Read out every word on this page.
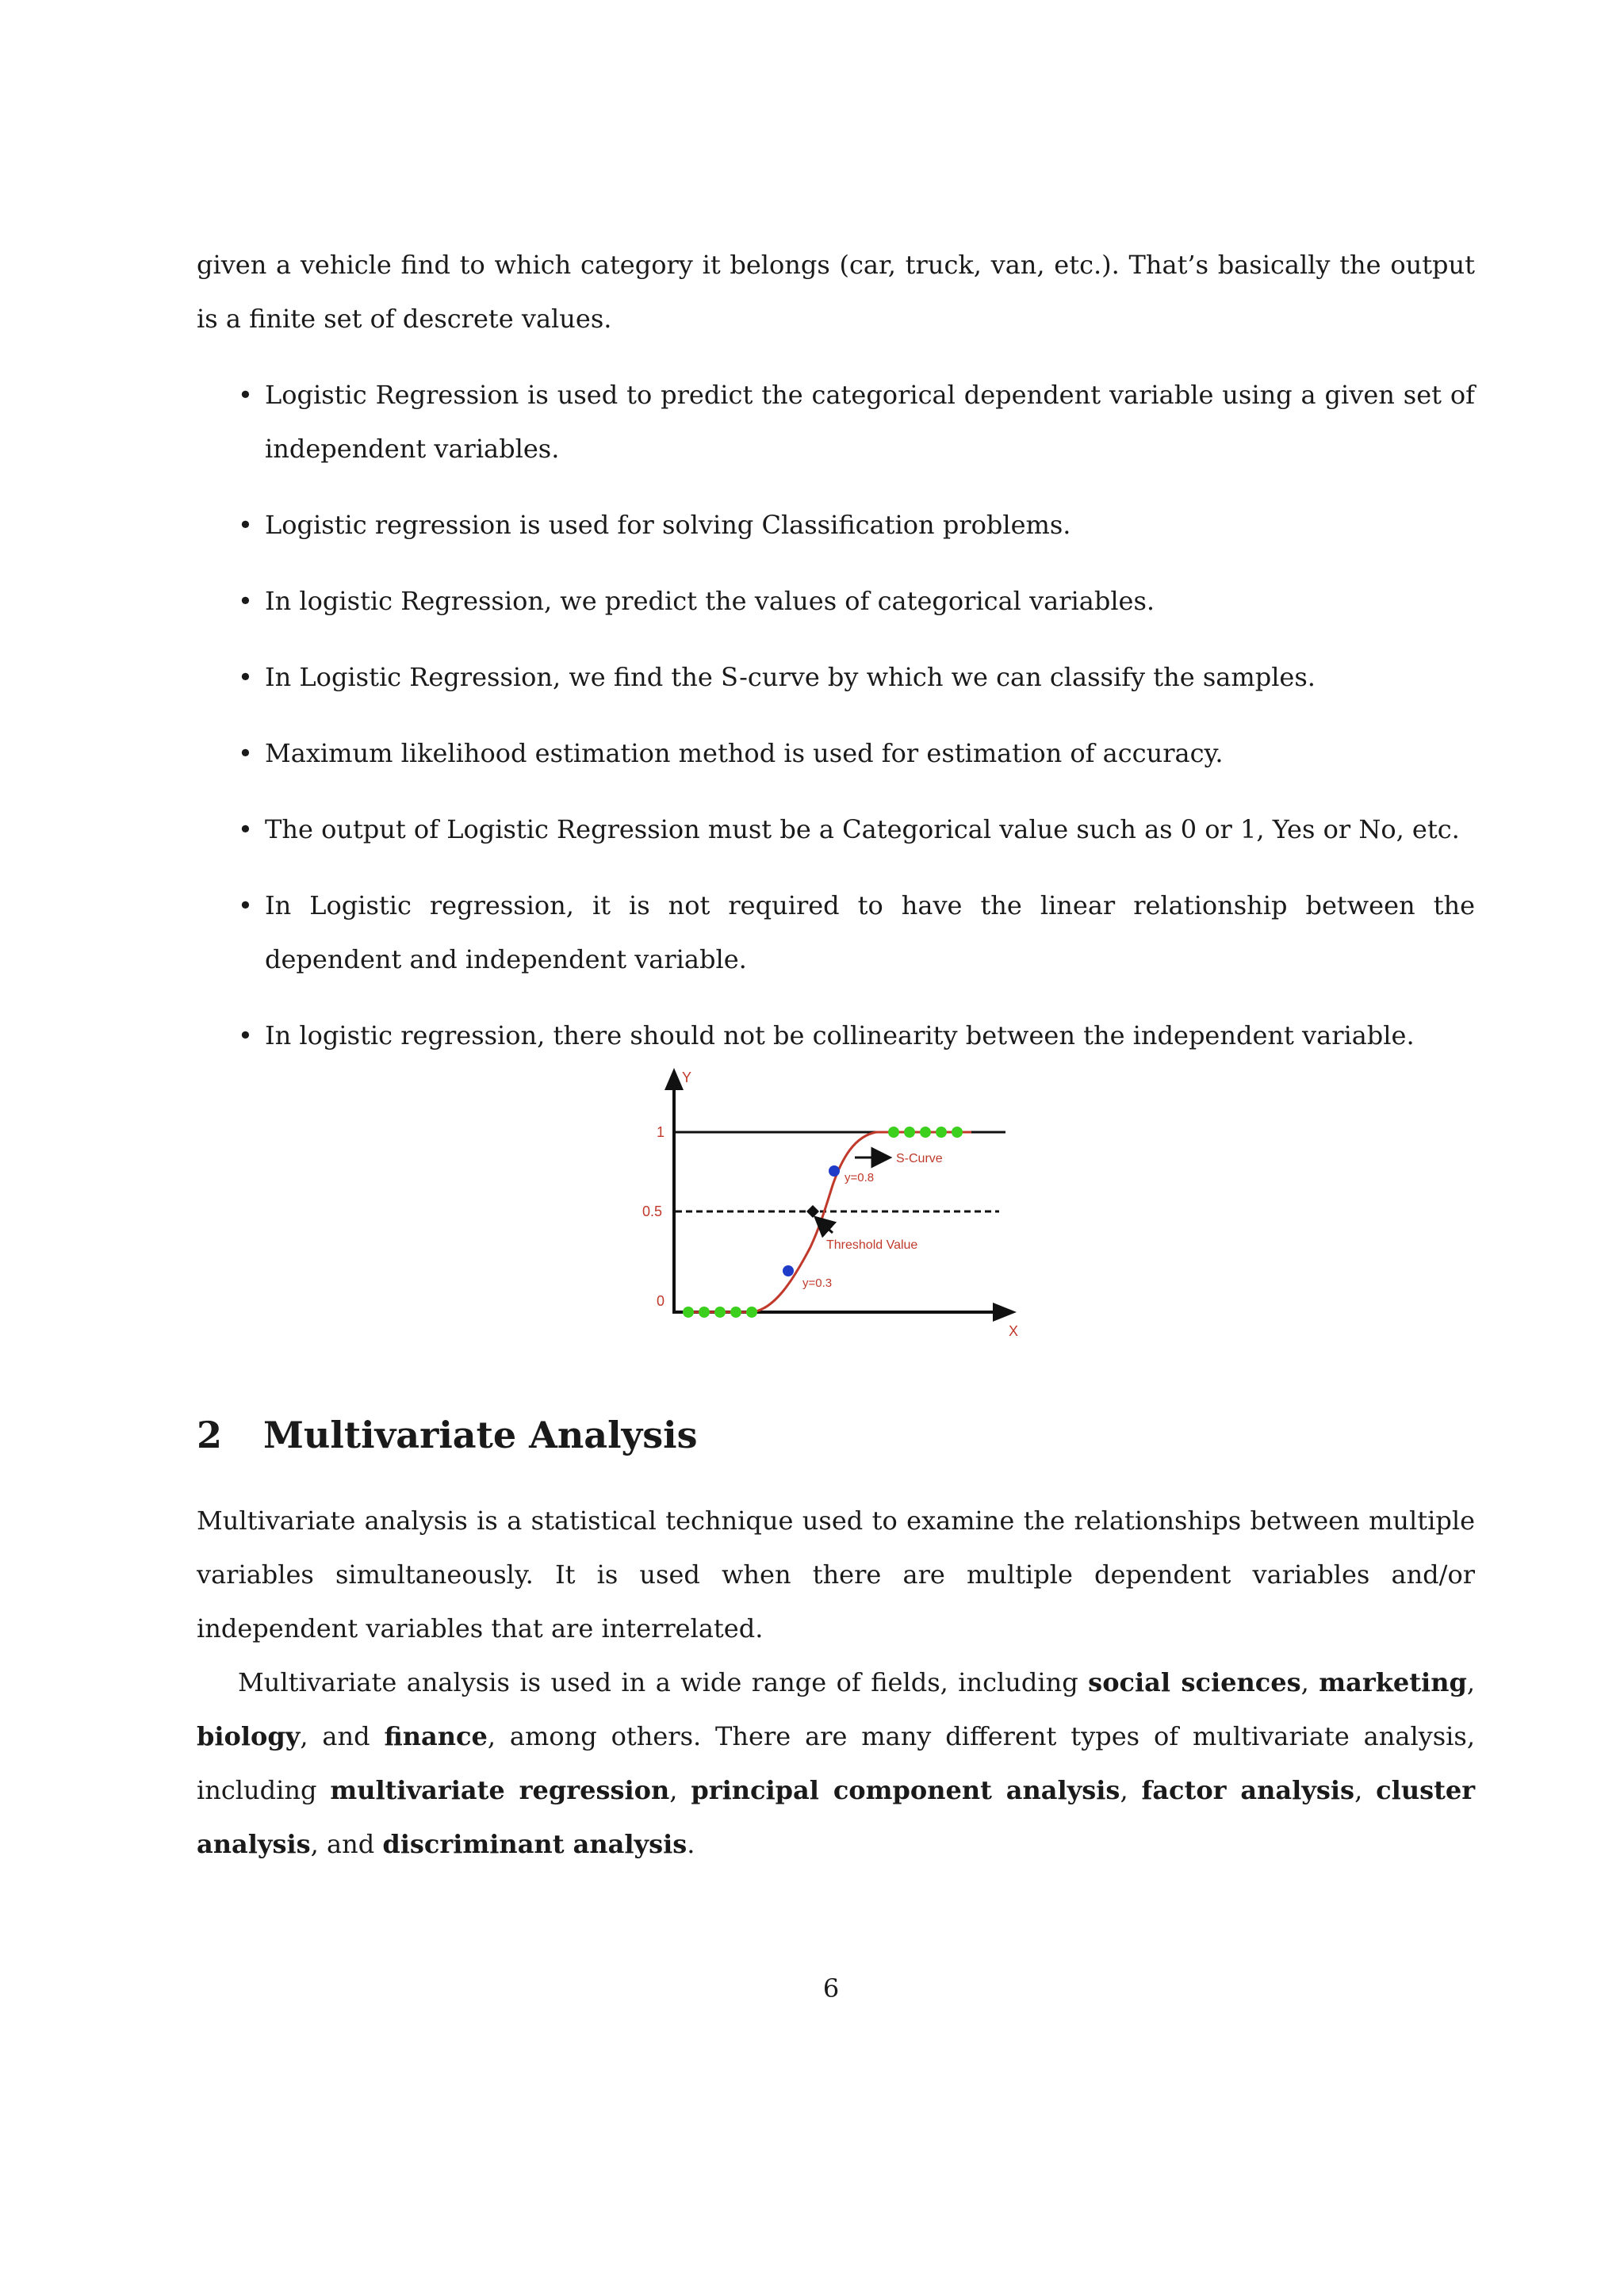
given a vehicle find to which category it belongs (car, truck, van, etc.). That’s basically the output is a finite set of descrete values.

• Logistic Regression is used to predict the categorical dependent variable using a given set of independent variables.
• Logistic regression is used for solving Classification problems.
• In logistic Regression, we predict the values of categorical variables.
• In Logistic Regression, we find the S-curve by which we can classify the samples.
• Maximum likelihood estimation method is used for estimation of accuracy.
• The output of Logistic Regression must be a Categorical value such as 0 or 1, Yes or No, etc.
• In Logistic regression, it is not required to have the linear relationship between the dependent and independent variable.
• In logistic regression, there should not be collinearity between the independent variable.
Y
X
1
0.5
0
S-Curve
y=0.8
Threshold Value
y=0.3
2 Multivariate Analysis

Multivariate analysis is a statistical technique used to examine the relationships between multiple variables simultaneously. It is used when there are multiple dependent variables and/or independent variables that are interrelated.

Multivariate analysis is used in a wide range of fields, including social sciences, marketing, biology, and finance, among others. There are many different types of multivariate analysis, including multivariate regression, principal component analysis, factor analysis, cluster analysis, and discriminant analysis.

6
